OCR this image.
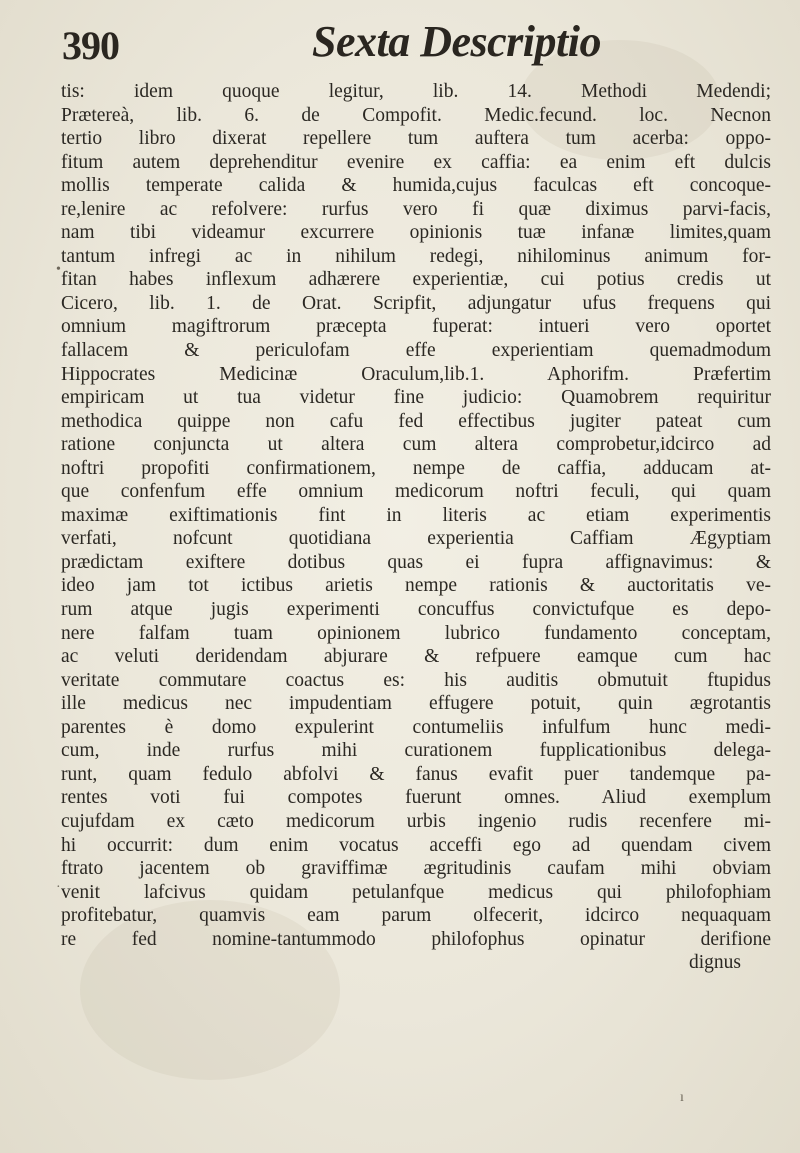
390	Sexta Descriptio
tis: idem quoque legitur, lib. 14. Methodi Medendi;
Prætereà, lib. 6. de Compofit. Medic.fecund. loc. Necnon
tertio libro dixerat repellere tum auftera tum acerba: oppo-
fitum autem deprehenditur evenire ex caffia: ea enim eft dulcis
mollis temperate calida & humida,cujus faculcas eft concoque-
re,lenire ac refolvere: rurfus vero fi quæ diximus parvi-facis,
nam tibi videamur excurrere opinionis tuæ infanæ limites,quam
tantum infregi ac in nihilum redegi, nihilominus animum for-
fitan habes inflexum adhærere experientiæ, cui potius credis ut
Cicero, lib. 1. de Orat. Scripfit, adjungatur ufus frequens qui
omnium magiftrorum præcepta fuperat: intueri vero oportet
fallacem & periculofam effe experientiam quemadmodum
Hippocrates Medicinæ Oraculum,lib.1. Aphorifm. Præfertim
empiricam ut tua videtur fine judicio: Quamobrem requiritur
methodica quippe non cafu fed effectibus jugiter pateat cum
ratione conjuncta ut altera cum altera comprobetur,idcirco ad
noftri propofiti confirmationem, nempe de caffia, adducam at-
que confenfum effe omnium medicorum noftri feculi, qui quam
maximæ exiftimationis fint in literis ac etiam experimentis
verfati, nofcunt quotidiana experientia Caffiam Ægyptiam
prædictam exiftere dotibus quas ei fupra affignavimus: &
ideo jam tot ictibus arietis nempe rationis & auctoritatis ve-
rum atque jugis experimenti concuffus convictufque es depo-
nere falfam tuam opinionem lubrico fundamento conceptam,
ac veluti deridendam abjurare & refpuere eamque cum hac
veritate commutare coactus es: his auditis obmutuit ftupidus
ille medicus nec impudentiam effugere potuit, quin ægrotantis
parentes è domo expulerint contumeliis infulfum hunc medi-
cum, inde rurfus mihi curationem fupplicationibus delega-
runt, quam fedulo abfolvi & fanus evafit puer tandemque pa-
rentes voti fui compotes fuerunt omnes. Aliud exemplum
cujufdam ex cæto medicorum urbis ingenio rudis recenfere mi-
hi occurrit: dum enim vocatus acceffi ego ad quendam civem
ftrato jacentem ob graviffimæ ægritudinis caufam mihi obviam
venit lafcivus quidam petulanfque medicus qui philofophiam
profitebatur, quamvis eam parum olfecerit, idcirco nequaquam
re fed nomine-tantummodo philofophus opinatur derifione
dignus
•
·
ı
